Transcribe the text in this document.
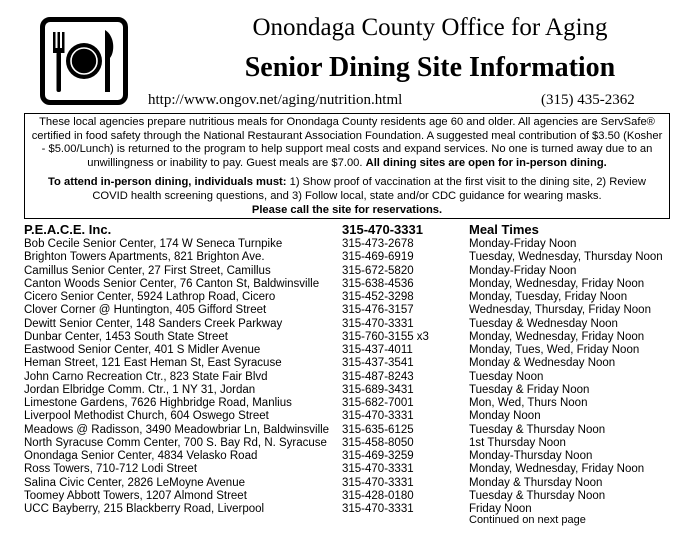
Onondaga County Office for Aging
Senior Dining Site Information
http://www.ongov.net/aging/nutrition.html	(315) 435-2362

These local agencies prepare nutritious meals for Onondaga County residents age 60 and older. All agencies are ServSafe® certified in food safety through the National Restaurant Association Foundation. A suggested meal contribution of $3.50 (Kosher - $5.00/Lunch) is returned to the program to help support meal costs and expand services. No one is turned away due to an unwillingness or inability to pay. Guest meals are $7.00. All dining sites are open for in-person dining.

To attend in-person dining, individuals must: 1) Show proof of vaccination at the first visit to the dining site, 2) Review COVID health screening questions, and 3) Follow local, state and/or CDC guidance for wearing masks.

Please call the site for reservations.

P.E.A.C.E. Inc.	315-470-3331	Meal Times
Bob Cecile Senior Center, 174 W Seneca Turnpike	315-473-2678	Monday-Friday Noon
Brighton Towers Apartments, 821 Brighton Ave.	315-469-6919	Tuesday, Wednesday, Thursday Noon
Camillus Senior Center, 27 First Street, Camillus	315-672-5820	Monday-Friday Noon
Canton Woods Senior Center, 76 Canton St, Baldwinsville 315-638-4536	Monday, Wednesday, Friday Noon
Cicero Senior Center, 5924 Lathrop Road, Cicero	315-452-3298	Monday, Tuesday, Friday Noon
Clover Corner @ Huntington, 405 Gifford Street	315-476-3157	Wednesday, Thursday, Friday Noon
Dewitt Senior Center, 148 Sanders Creek Parkway	315-470-3331	Tuesday & Wednesday Noon
Dunbar Center, 1453 South State Street	315-760-3155 x3	Monday, Wednesday, Friday Noon
Eastwood Senior Center, 401 S Midler Avenue	315-437-4011	Monday, Tues, Wed, Friday Noon
Heman Street, 121 East Heman St, East Syracuse	315-437-3541	Monday & Wednesday Noon
John Carno Recreation Ctr., 823 State Fair Blvd	315-487-8243	Tuesday Noon
Jordan Elbridge Comm. Ctr., 1 NY 31, Jordan	315-689-3431	Tuesday & Friday Noon
Limestone Gardens, 7626 Highbridge Road, Manlius	315-682-7001	Mon, Wed, Thurs Noon
Liverpool Methodist Church, 604 Oswego Street	315-470-3331	Monday Noon
Meadows @ Radisson, 3490 Meadowbriar Ln, Baldwinsville 315-635-6125	Tuesday & Thursday Noon
North Syracuse Comm Center, 700 S. Bay Rd, N. Syracuse 315-458-8050	1st Thursday Noon
Onondaga Senior Center, 4834 Velasko Road	315-469-3259	Monday-Thursday Noon
Ross Towers, 710-712 Lodi Street	315-470-3331	Monday, Wednesday, Friday Noon
Salina Civic Center, 2826 LeMoyne Avenue	315-470-3331	Monday & Thursday Noon
Toomey Abbott Towers, 1207 Almond Street	315-428-0180	Tuesday & Thursday Noon
UCC Bayberry, 215 Blackberry Road, Liverpool	315-470-3331	Friday Noon
Continued on next page
